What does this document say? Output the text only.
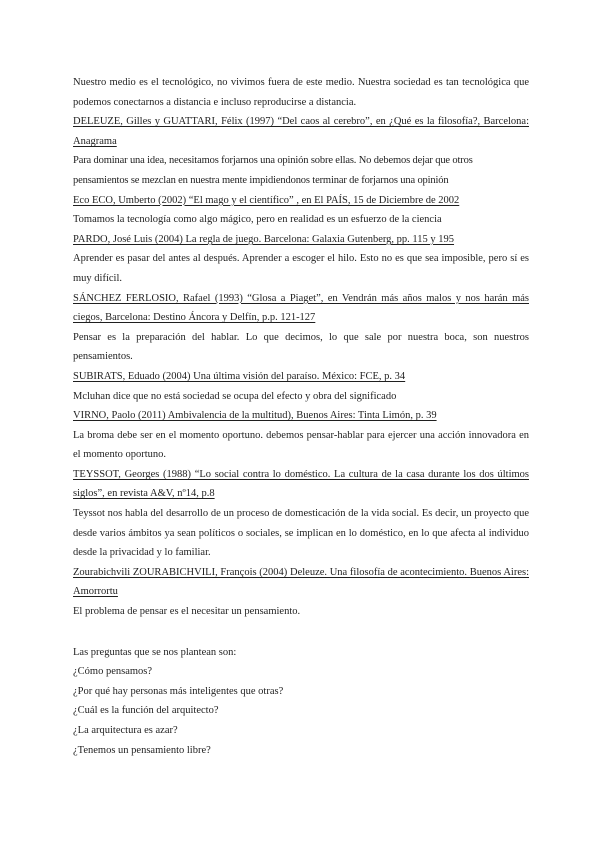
Nuestro medio es el tecnológico, no vivimos fuera de este medio. Nuestra sociedad es tan tecnológica que podemos conectarnos a distancia e incluso reproducirse a distancia.

DELEUZE, Gilles y GUATTARI, Félix (1997) “Del caos al cerebro”, en ¿Qué es la filosofía?, Barcelona: Anagrama

Para dominar una idea, necesitamos forjarnos una opinión sobre ellas. No debemos dejar que otros pensamientos se mezclan en nuestra mente impidiendonos terminar de forjarnos una opinión

Eco ECO, Umberto (2002) “El mago y el científico” , en El PAÍS, 15 de Diciembre de 2002

Tomamos la tecnología como algo mágico, pero en realidad es un esfuerzo de la ciencia

PARDO, José Luis (2004) La regla de juego. Barcelona: Galaxia Gutenberg, pp. 115 y 195

Aprender es pasar del antes al después. Aprender a escoger el hilo. Esto no es que sea imposible, pero sí es muy difícil.

SÁNCHEZ FERLOSIO, Rafael (1993) “Glosa a Piaget”, en Vendrán más años malos y nos harán más ciegos, Barcelona: Destino Áncora y Delfín, p.p. 121-127

Pensar es la preparación del hablar. Lo que decimos, lo que sale por nuestra boca, son nuestros pensamientos.

SUBIRATS, Eduado (2004) Una última visión del paraíso. México: FCE, p. 34

Mcluhan dice que no está sociedad se ocupa del efecto y obra del significado

VIRNO, Paolo (2011) Ambivalencia de la multitud), Buenos Aires: Tinta Limón, p. 39

La broma debe ser en el momento oportuno. debemos pensar-hablar para ejercer una acción innovadora en el momento oportuno.

TEYSSOT, Georges (1988) “Lo social contra lo doméstico. La cultura de la casa durante los dos últimos siglos”, en revista A&V, nº14, p.8

Teyssot nos habla del desarrollo de un proceso de domesticación de la vida social. Es decir, un proyecto que desde varios ámbitos ya sean políticos o sociales, se implican en lo doméstico, en lo que afecta al individuo desde la privacidad y lo familiar.

Zourabichvili ZOURABICHVILI, François (2004) Deleuze. Una filosofía de acontecimiento. Buenos Aires: Amorrortu

El problema de pensar es el necesitar un pensamiento.

Las preguntas que se nos plantean son:

¿Cómo pensamos?

¿Por qué hay personas más inteligentes que otras?

¿Cuál es la función del arquitecto?

¿La arquitectura es azar?

¿Tenemos un pensamiento libre?
